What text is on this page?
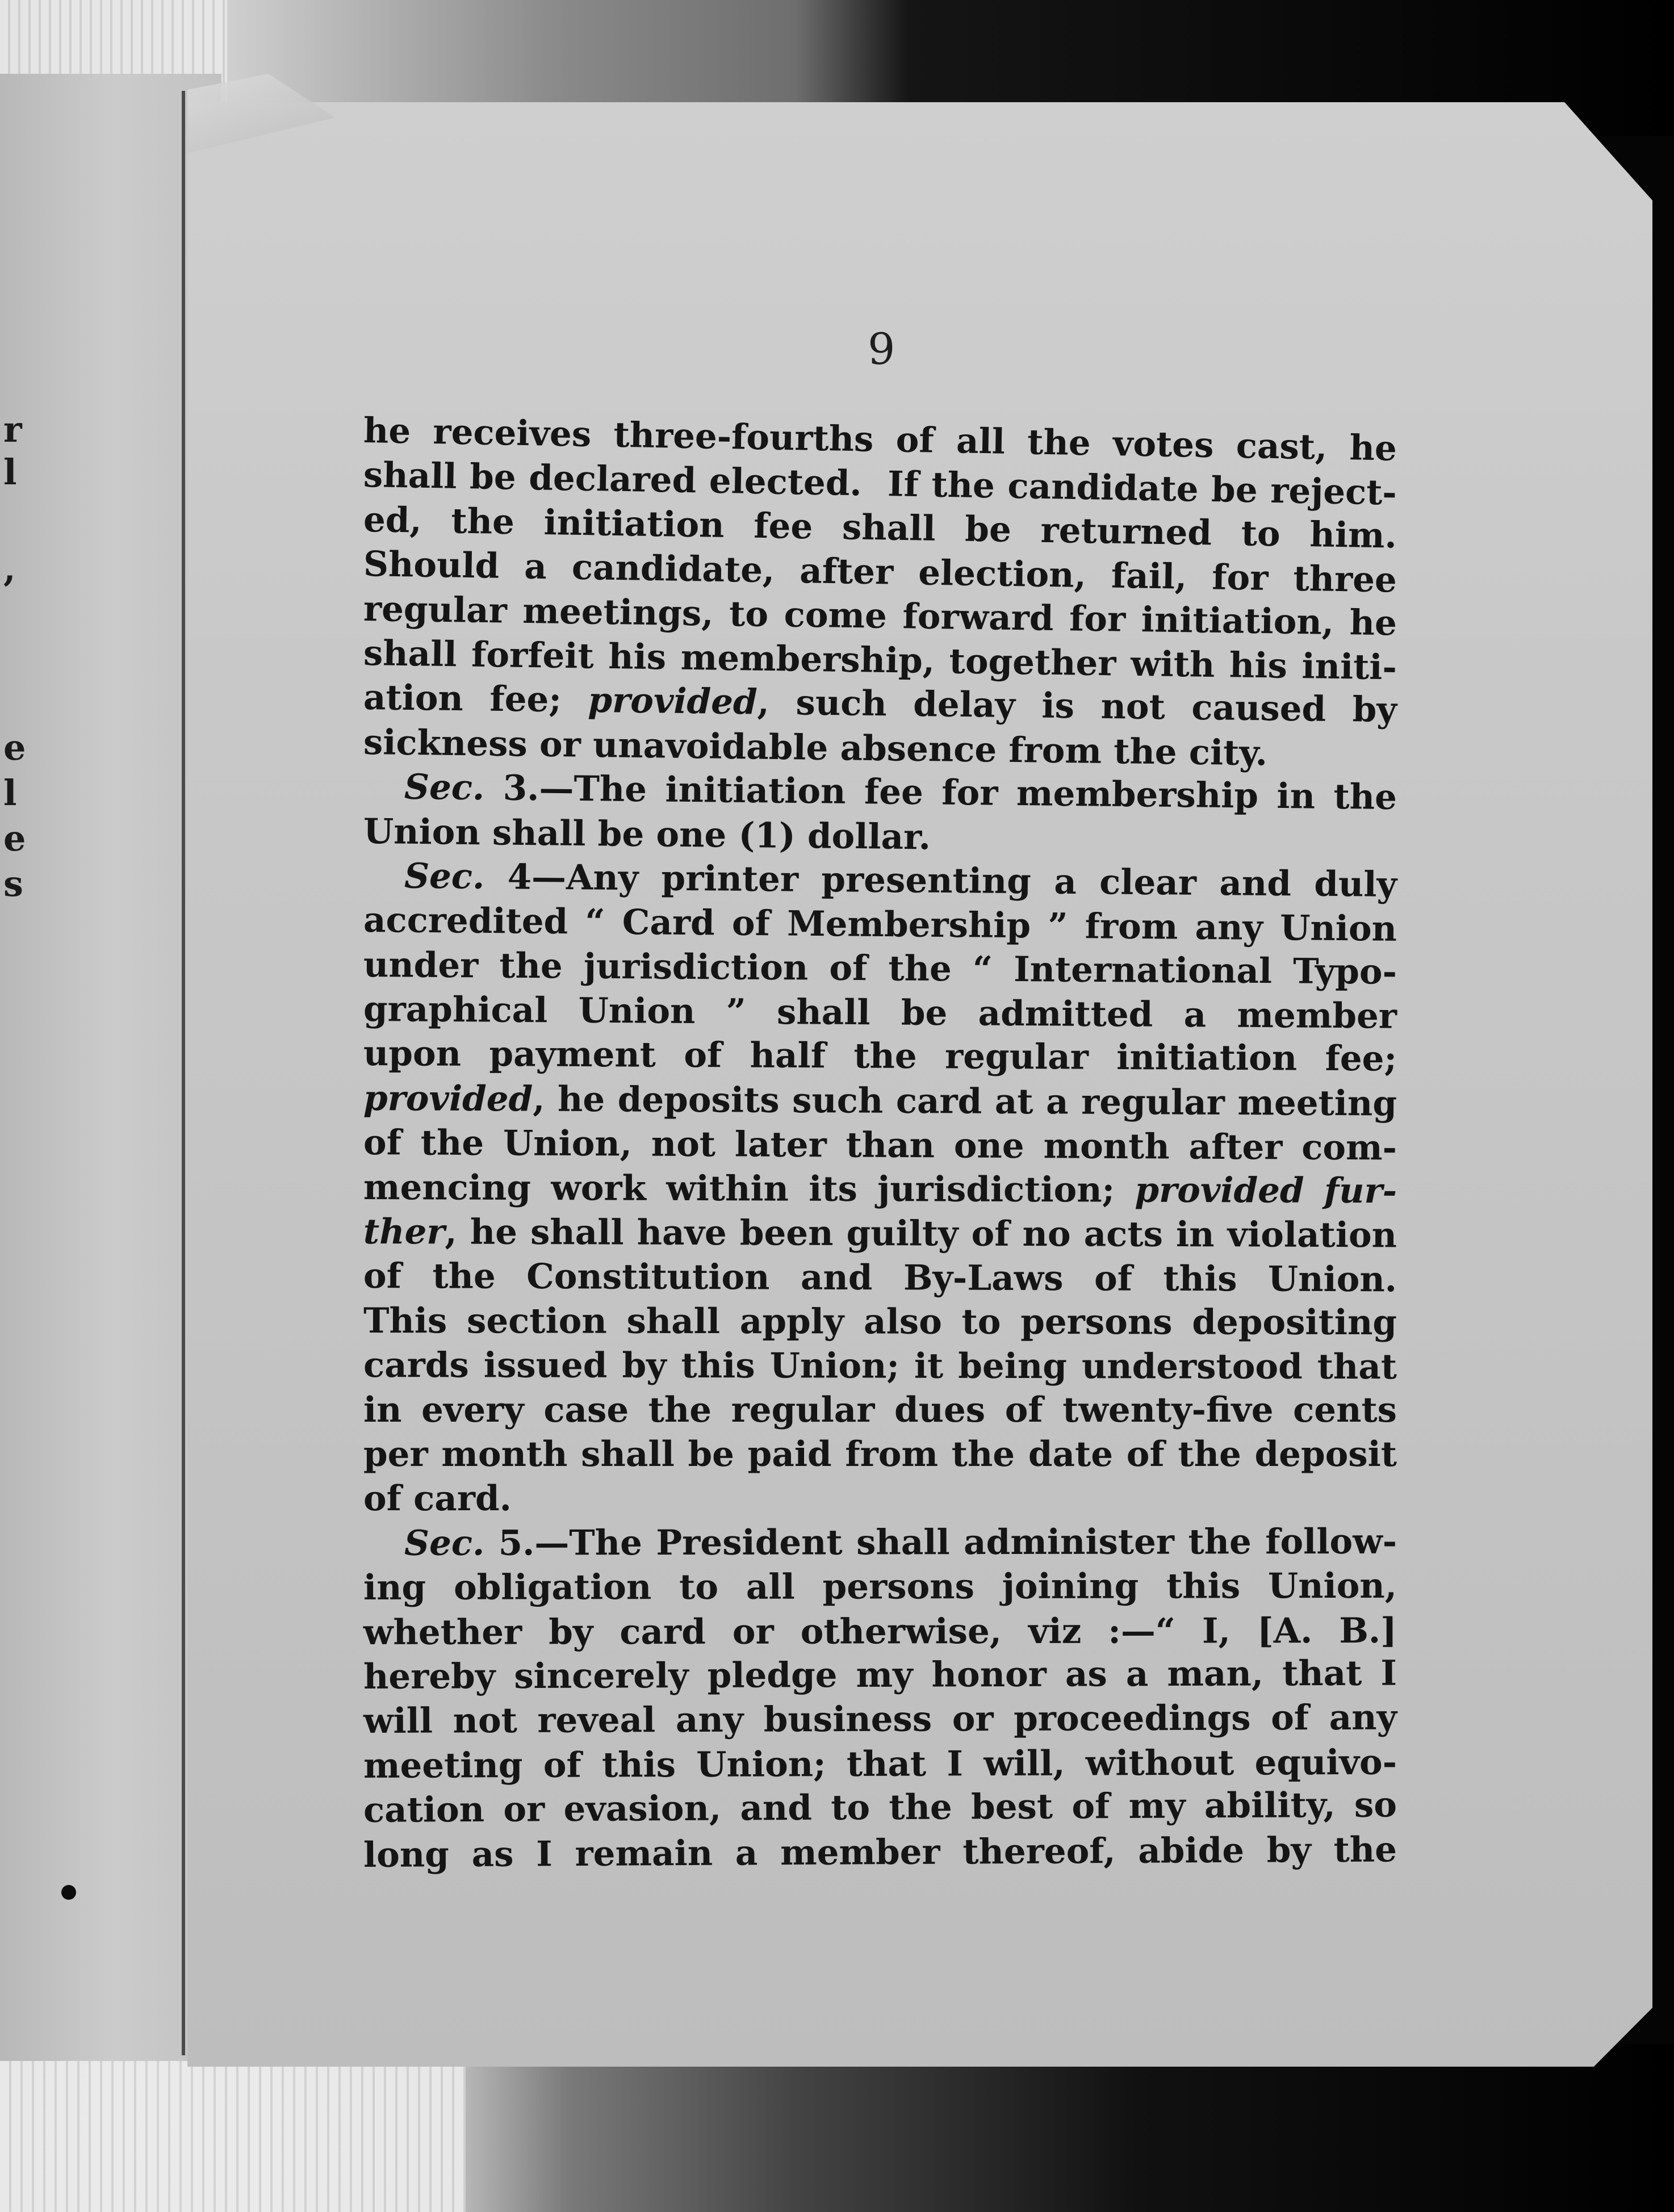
r
l
,
e
l
e
s
9
he receives three-fourths of all the votes cast, he
shall be declared elected.  If the candidate be reject-
ed, the initiation fee shall be returned to him.
Should a candidate, after election, fail, for three
regular meetings, to come forward for initiation, he
shall forfeit his membership, together with his initi-
ation fee; provided, such delay is not caused by
sickness or unavoidable absence from the city.
Sec. 3.—The initiation fee for membership in the
Union shall be one (1) dollar.
Sec. 4—Any printer presenting a clear and duly
accredited “ Card of Membership ” from any Union
under the jurisdiction of the “ International Typo-
graphical Union ” shall be admitted a member
upon payment of half the regular initiation fee;
provided, he deposits such card at a regular meeting
of the Union, not later than one month after com-
mencing work within its jurisdiction; provided fur-
ther, he shall have been guilty of no acts in violation
of the Constitution and By-Laws of this Union.
This section shall apply also to persons depositing
cards issued by this Union; it being understood that
in every case the regular dues of twenty-five cents
per month shall be paid from the date of the deposit
of card.
Sec. 5.—The President shall administer the follow-
ing obligation to all persons joining this Union,
whether by card or otherwise, viz :—“ I, [A. B.]
hereby sincerely pledge my honor as a man, that I
will not reveal any business or proceedings of any
meeting of this Union; that I will, without equivo-
cation or evasion, and to the best of my ability, so
long as I remain a member thereof, abide by the
